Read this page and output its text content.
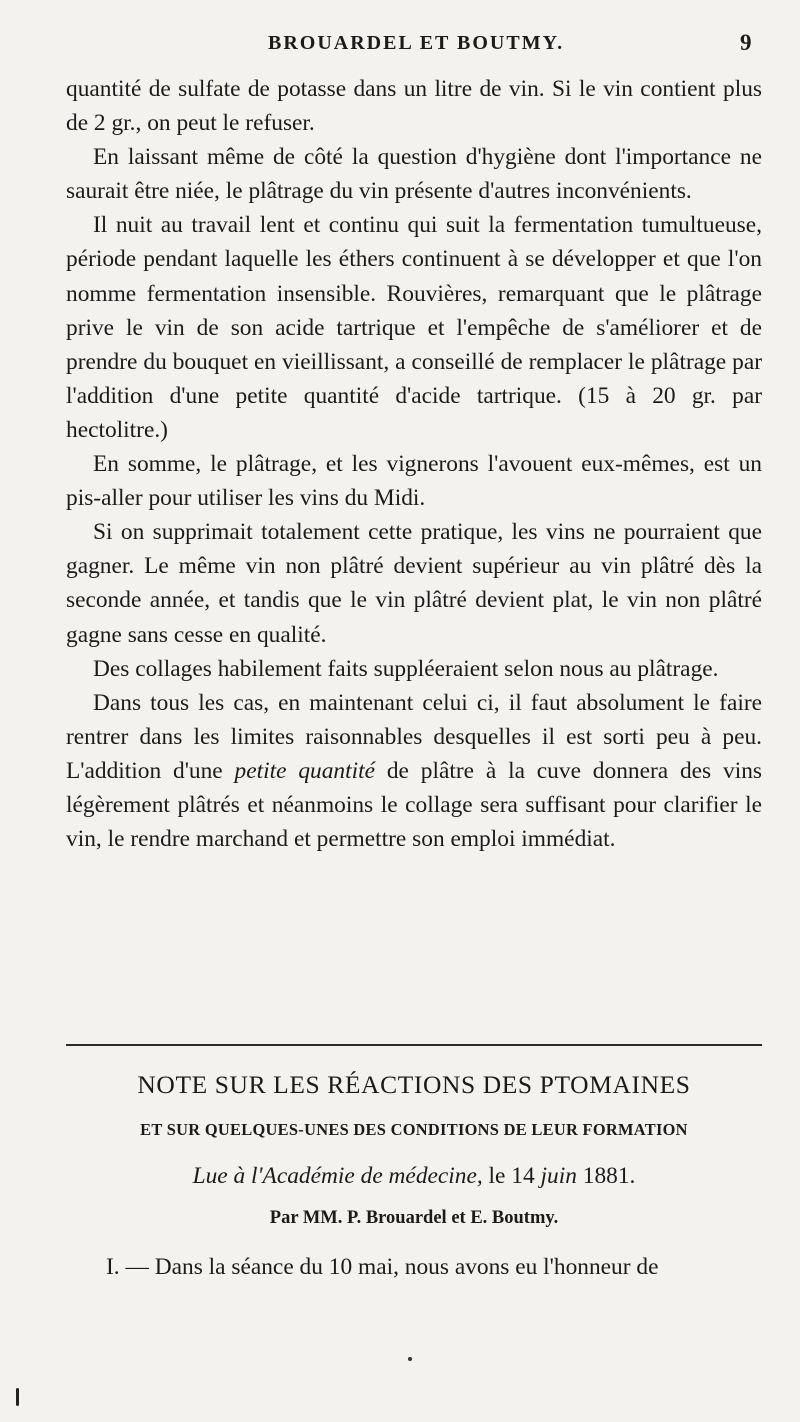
BROUARDEL ET BOUTMY.	9

quantité de sulfate de potasse dans un litre de vin. Si le vin contient plus de 2 gr., on peut le refuser.

En laissant même de côté la question d'hygiène dont l'importance ne saurait être niée, le plâtrage du vin présente d'autres inconvénients.

Il nuit au travail lent et continu qui suit la fermentation tumultueuse, période pendant laquelle les éthers continuent à se développer et que l'on nomme fermentation insensible. Rouvières, remarquant que le plâtrage prive le vin de son acide tartrique et l'empêche de s'améliorer et de prendre du bouquet en vieillissant, a conseillé de remplacer le plâtrage par l'addition d'une petite quantité d'acide tartrique. (15 à 20 gr. par hectolitre.)

En somme, le plâtrage, et les vignerons l'avouent eux-mêmes, est un pis-aller pour utiliser les vins du Midi.

Si on supprimait totalement cette pratique, les vins ne pourraient que gagner. Le même vin non plâtré devient supérieur au vin plâtré dès la seconde année, et tandis que le vin plâtré devient plat, le vin non plâtré gagne sans cesse en qualité.

Des collages habilement faits suppléeraient selon nous au plâtrage.

Dans tous les cas, en maintenant celui ci, il faut absolument le faire rentrer dans les limites raisonnables desquelles il est sorti peu à peu. L'addition d'une petite quantité de plâtre à la cuve donnera des vins légèrement plâtrés et néanmoins le collage sera suffisant pour clarifier le vin, le rendre marchand et permettre son emploi immédiat.

NOTE SUR LES RÉACTIONS DES PTOMAINES
ET SUR QUELQUES-UNES DES CONDITIONS DE LEUR FORMATION
Lue à l'Académie de médecine, le 14 juin 1881.
Par MM. P. Brouardel et E. Boutmy.
I. — Dans la séance du 10 mai, nous avons eu l'honneur de
